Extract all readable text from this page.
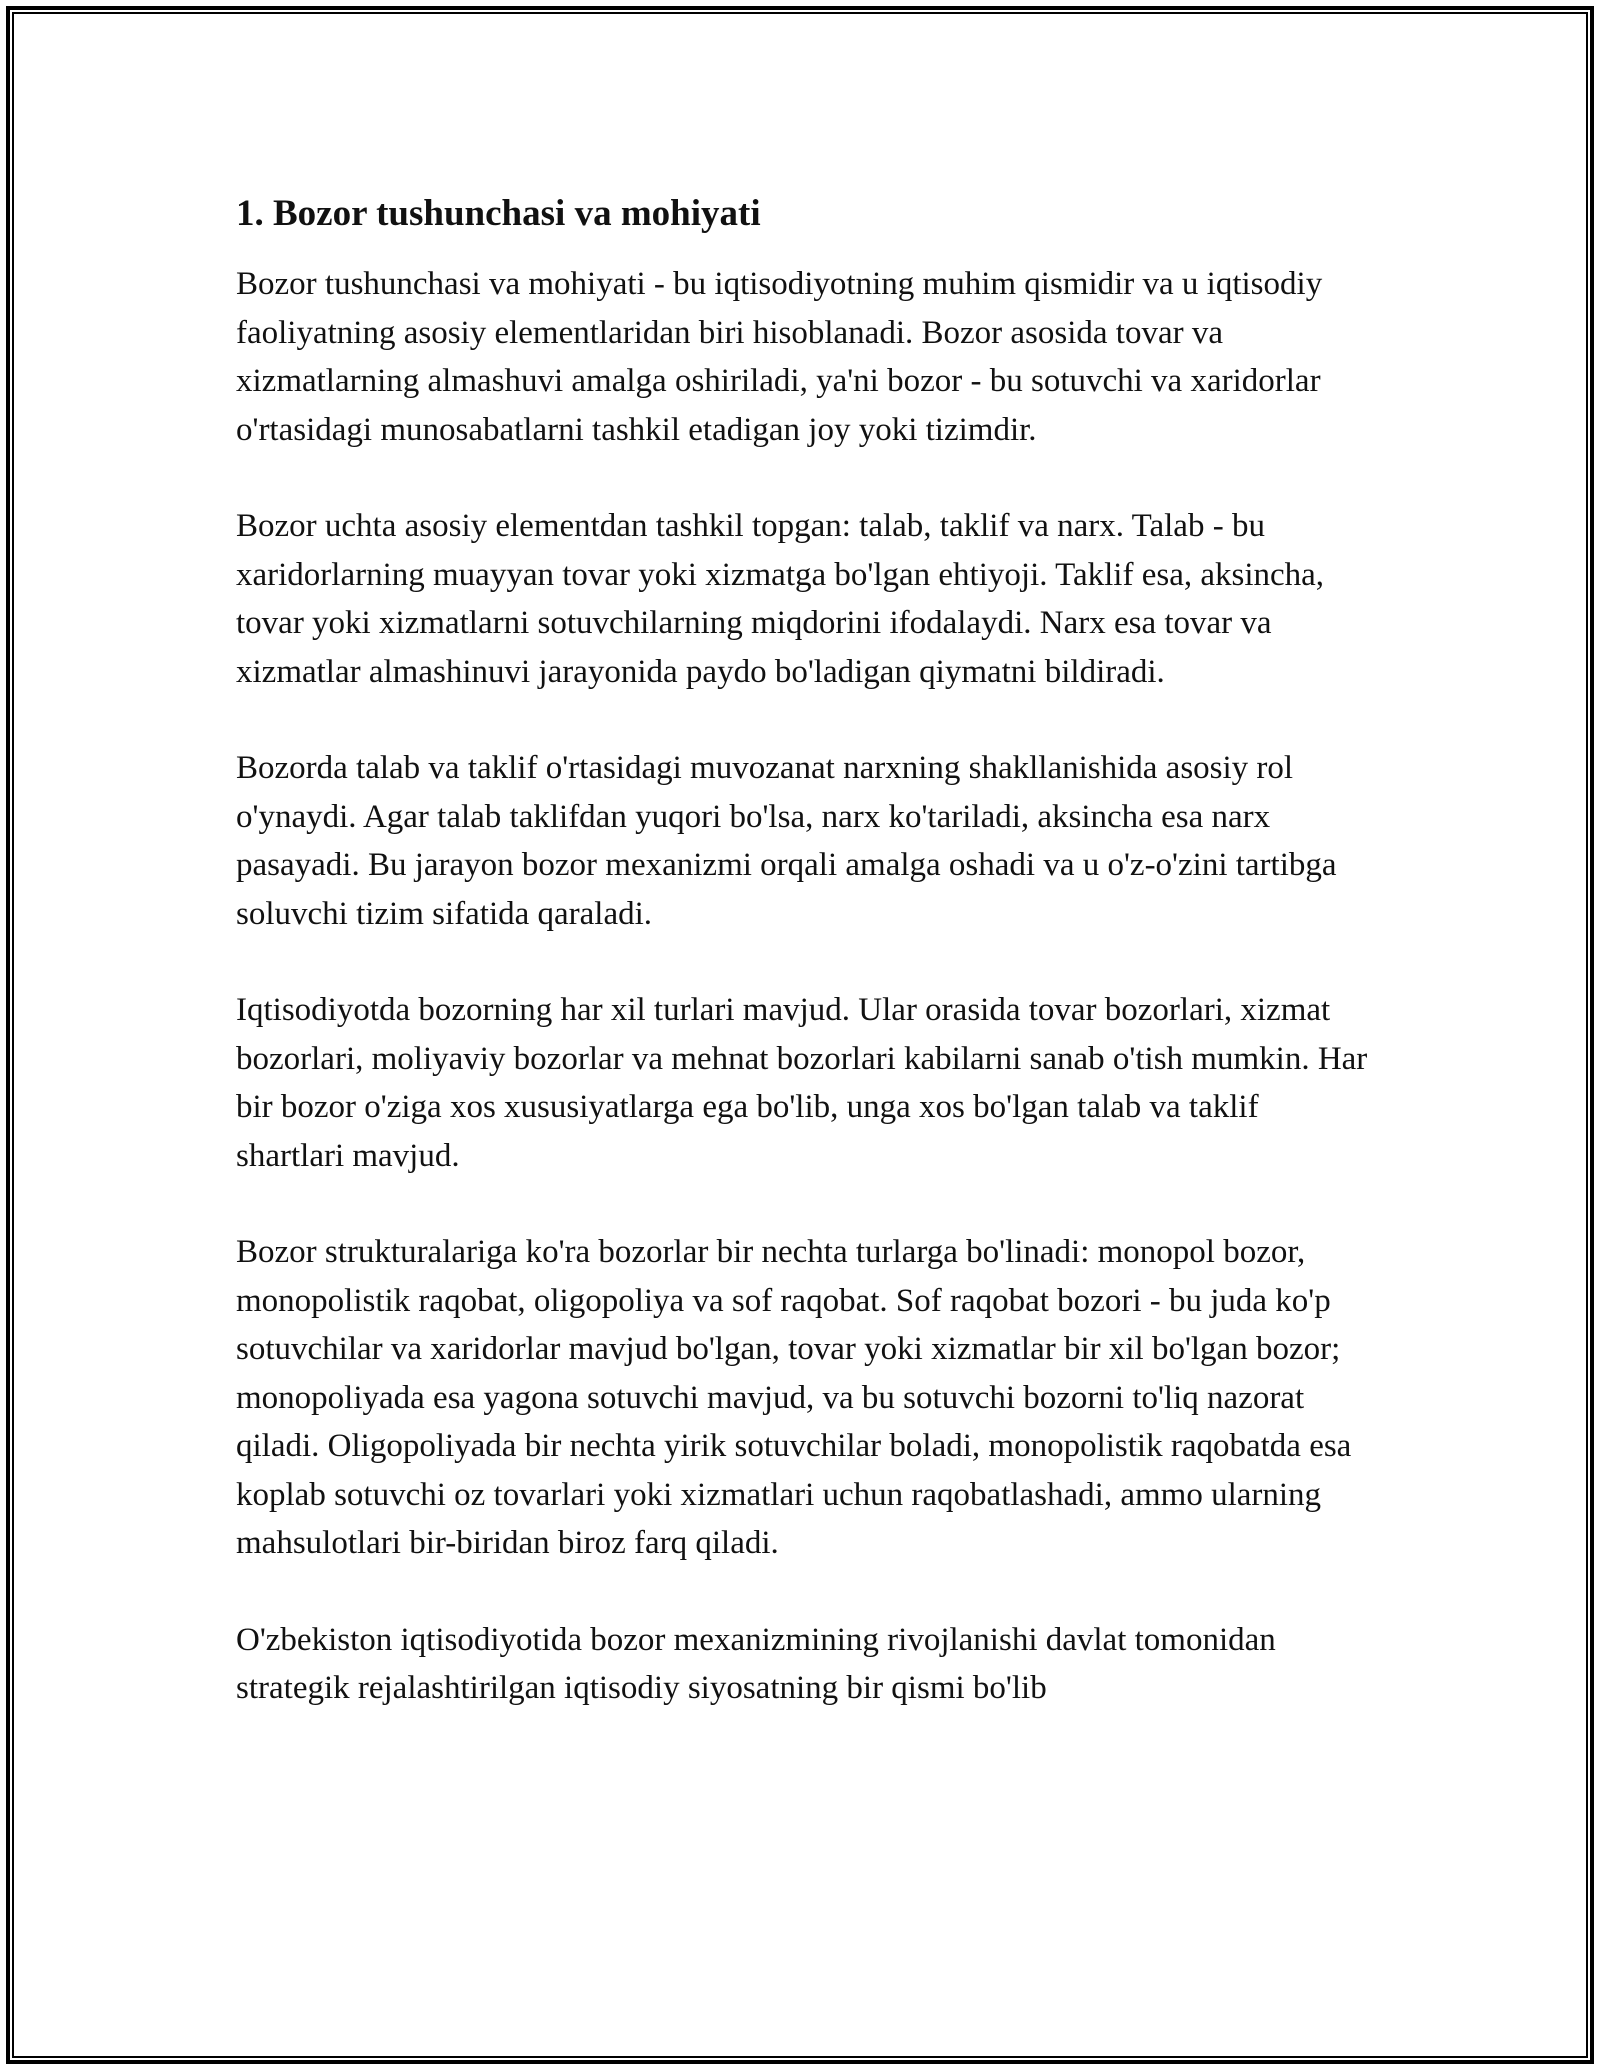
1. Bozor tushunchasi va mohiyati

Bozor tushunchasi va mohiyati - bu iqtisodiyotning muhim qismidir va u iqtisodiy faoliyatning asosiy elementlaridan biri hisoblanadi. Bozor asosida tovar va xizmatlarning almashuvi amalga oshiriladi, ya'ni bozor - bu sotuvchi va xaridorlar o'rtasidagi munosabatlarni tashkil etadigan joy yoki tizimdir.

Bozor uchta asosiy elementdan tashkil topgan: talab, taklif va narx. Talab - bu xaridorlarning muayyan tovar yoki xizmatga bo'lgan ehtiyoji. Taklif esa, aksincha, tovar yoki xizmatlarni sotuvchilarning miqdorini ifodalaydi. Narx esa tovar va xizmatlar almashinuvi jarayonida paydo bo'ladigan qiymatni bildiradi.

Bozorda talab va taklif o'rtasidagi muvozanat narxning shakllanishida asosiy rol o'ynaydi. Agar talab taklifdan yuqori bo'lsa, narx ko'tariladi, aksincha esa narx pasayadi. Bu jarayon bozor mexanizmi orqali amalga oshadi va u o'z-o'zini tartibga soluvchi tizim sifatida qaraladi.

Iqtisodiyotda bozorning har xil turlari mavjud. Ular orasida tovar bozorlari, xizmat bozorlari, moliyaviy bozorlar va mehnat bozorlari kabilarni sanab o'tish mumkin. Har bir bozor o'ziga xos xususiyatlarga ega bo'lib, unga xos bo'lgan talab va taklif shartlari mavjud.

Bozor strukturalariga ko'ra bozorlar bir nechta turlarga bo'linadi: monopol bozor, monopolistik raqobat, oligopoliya va sof raqobat. Sof raqobat bozori - bu juda ko'p sotuvchilar va xaridorlar mavjud bo'lgan, tovar yoki xizmatlar bir xil bo'lgan bozor; monopoliyada esa yagona sotuvchi mavjud, va bu sotuvchi bozorni to'liq nazorat qiladi. Oligopoliyada bir nechta yirik sotuvchilar boladi, monopolistik raqobatda esa koplab sotuvchi oz tovarlari yoki xizmatlari uchun raqobatlashadi, ammo ularning mahsulotlari bir-biridan biroz farq qiladi.

O'zbekiston iqtisodiyotida bozor mexanizmining rivojlanishi davlat tomonidan strategik rejalashtirilgan iqtisodiy siyosatning bir qismi bo'lib
